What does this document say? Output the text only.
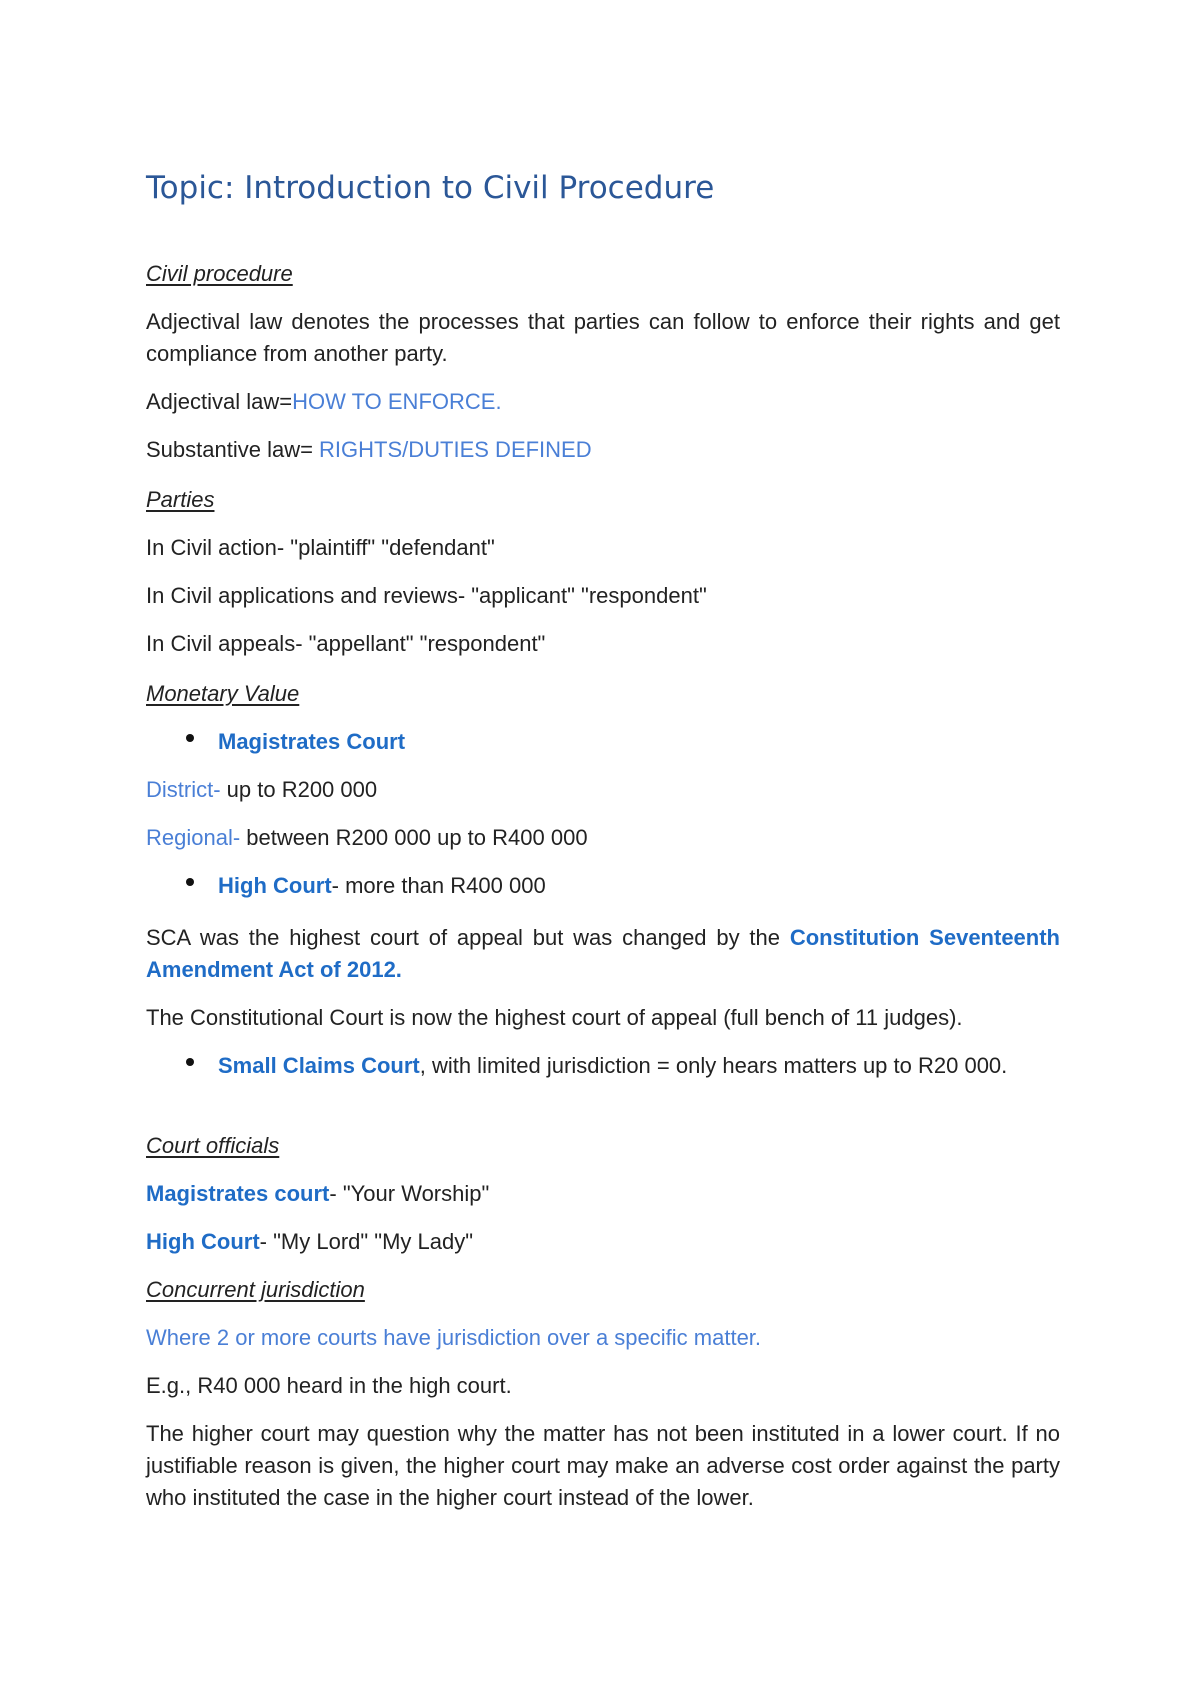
Topic: Introduction to Civil Procedure
Civil procedure
Adjectival law denotes the processes that parties can follow to enforce their rights and get compliance from another party.
Adjectival law=HOW TO ENFORCE.
Substantive law= RIGHTS/DUTIES DEFINED
Parties
In Civil action- "plaintiff" "defendant"
In Civil applications and reviews- "applicant" "respondent"
In Civil appeals- "appellant" "respondent"
Monetary Value
Magistrates Court
District- up to R200 000
Regional- between R200 000 up to R400 000
High Court- more than R400 000
SCA was the highest court of appeal but was changed by the Constitution Seventeenth Amendment Act of 2012.
The Constitutional Court is now the highest court of appeal (full bench of 11 judges).
Small Claims Court, with limited jurisdiction = only hears matters up to R20 000.
Court officials
Magistrates court- "Your Worship"
High Court- "My Lord" "My Lady"
Concurrent jurisdiction
Where 2 or more courts have jurisdiction over a specific matter.
E.g., R40 000 heard in the high court.
The higher court may question why the matter has not been instituted in a lower court. If no justifiable reason is given, the higher court may make an adverse cost order against the party who instituted the case in the higher court instead of the lower.
